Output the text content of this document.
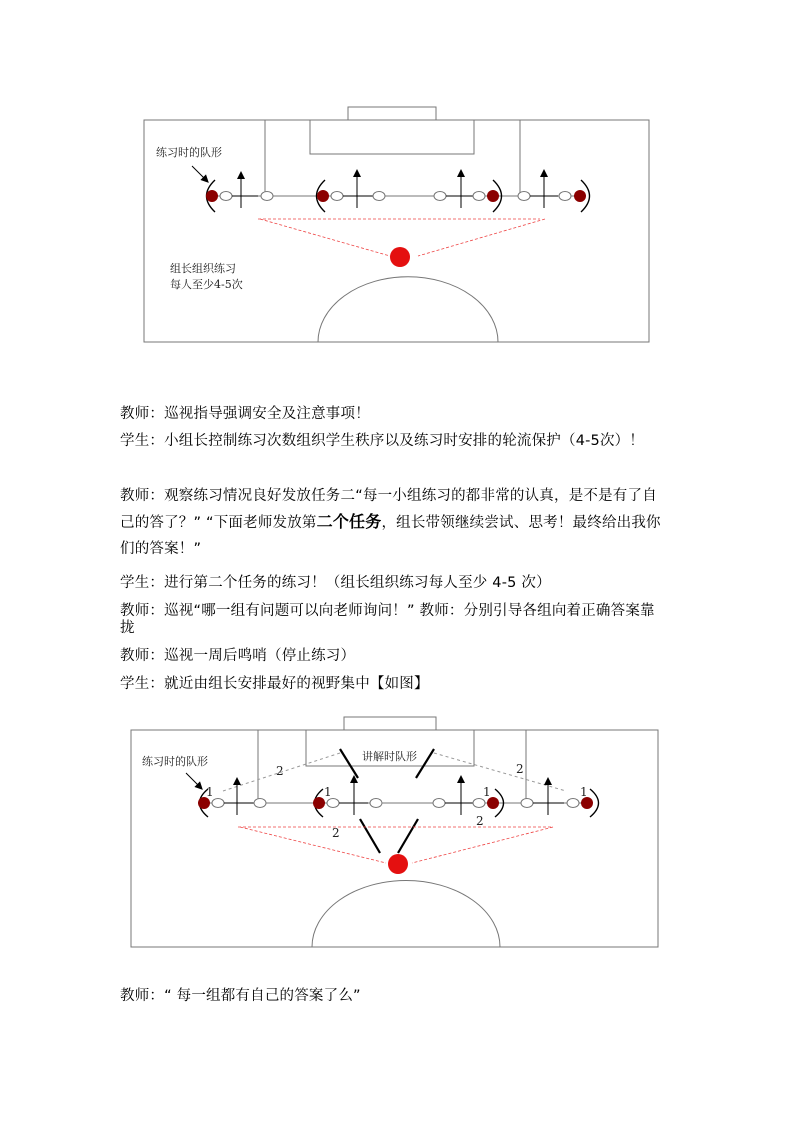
练习时的队形
组长组织练习
每人至少4-5次
教师：巡视指导强调安全及注意事项！
学生：小组长控制练习次数组织学生秩序以及练习时安排的轮流保护（4-5次）！
教师：观察练习情况良好发放任务二“每一小组练习的都非常的认真，是不是有了自己的答了？” “下面老师发放第二个任务，组长带领继续尝试、思考！最终给出我你们的答案！”
学生：进行第二个任务的练习！（组长组织练习每人至少 4-5 次）
教师：巡视“哪一组有问题可以向老师询问！” 教师：分别引导各组向着正确答案靠拢
教师：巡视一周后鸣哨（停止练习）
学生：就近由组长安排最好的视野集中【如图】
练习时的队形	讲解时队形
1	1	1	1
2	2
2
2
教师：“ 每一组都有自己的答案了么”
